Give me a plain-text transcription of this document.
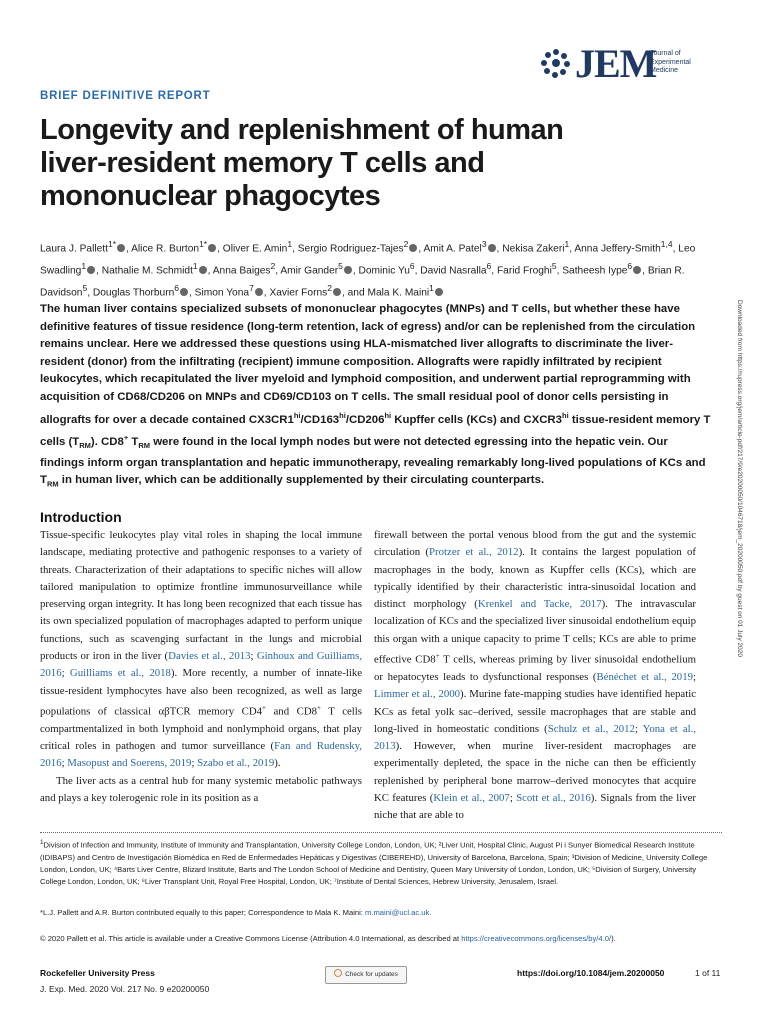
JEM
Journal of
Experimental
Medicine
BRIEF DEFINITIVE REPORT
Longevity and replenishment of human liver-resident memory T cells and mononuclear phagocytes

Laura J. Pallett$^{1*}$ , Alice R. Burton$^{1*}$ , Oliver E. Amin$^1$, Sergio Rodriguez-Tajes$^2$ , Amit A. Patel$^3$ , Nekisa Zakeri$^1$, Anna Jeffery-Smith$^{1,4}$, Leo Swadling$^1$ , Nathalie M. Schmidt$^1$ , Anna Baiges$^2$, Amir Gander$^5$ , Dominic Yu$^6$, David Nasralla$^6$, Farid Froghi$^5$, Satheesh Iype$^6$ , Brian R. Davidson$^5$, Douglas Thorburn$^6$ , Simon Yona$^7$ , Xavier Forns$^2$ , and Mala K. Maini$^1$

The human liver contains specialized subsets of mononuclear phagocytes (MNPs) and T cells, but whether these have definitive features of tissue residence (long-term retention, lack of egress) and/or can be replenished from the circulation remains unclear. Here we addressed these questions using HLA-mismatched liver allografts to discriminate the liver-resident (donor) from the infiltrating (recipient) immune composition. Allografts were rapidly infiltrated by recipient leukocytes, which recapitulated the liver myeloid and lymphoid composition, and underwent partial reprogramming with acquisition of CD68/CD206 on MNPs and CD69/CD103 on T cells. The small residual pool of donor cells persisting in allografts for over a decade contained $CX3CR1^{hi}/CD163^{hi}/CD206^{hi}$ Kupffer cells (KCs) and $CXCR3^{hi}$ tissue-resident memory T cells $(T_{RM})$. CD8+ $T_{RM}$ were found in the local lymph nodes but were not detected egressing into the hepatic vein. Our findings inform organ transplantation and hepatic immunotherapy, revealing remarkably long-lived populations of KCs and $T_{RM}$ in human liver, which can be additionally supplemented by their circulating counterparts.	Downloaded from https://rupress.org/jem/article-pdf/217/9/e20200050/1046718/jem_20200050.pdf by guest on 01 July 2020
Introduction

Tissue-specific leukocytes play vital roles in shaping the local immune landscape, mediating protective and pathogenic responses to a variety of threats. Characterization of their adaptations to specific niches will allow tailored manipulation to optimize frontline immunosurveillance while preserving organ integrity. It has long been recognized that each tissue has its own specialized population of macrophages adapted to perform unique functions, such as scavenging surfactant in the lungs and microbial products or iron in the liver (Davies et al., 2013; Ginhoux and Guilliams, 2016; Guilliams et al., 2018). More recently, a number of innate-like tissue-resident lymphocytes have also been recognized, as well as large populations of classical αβTCR memory CD4+ and CD8+ T cells compartmentalized in both lymphoid and nonlymphoid organs, that play critical roles in pathogen and tumor surveillance (Fan and Rudensky, 2016; Masopust and Soerens, 2019; Szabo et al., 2019).

The liver acts as a central hub for many systemic metabolic pathways and plays a key tolerogenic role in its position as a

firewall between the portal venous blood from the gut and the systemic circulation (Protzer et al., 2012). It contains the largest population of macrophages in the body, known as Kupffer cells (KCs), which are typically identified by their characteristic intra-sinusoidal location and distinct morphology (Krenkel and Tacke, 2017). The intravascular localization of KCs and the specialized liver sinusoidal endothelium equip this organ with a unique capacity to prime T cells; KCs are able to prime effective CD8+ T cells, whereas priming by liver sinusoidal endothelium or hepatocytes leads to dysfunctional responses (Bénéchet et al., 2019; Limmer et al., 2000). Murine fate-mapping studies have identified hepatic KCs as fetal yolk sac–derived, sessile macrophages that are stable and long-lived in homeostatic conditions (Schulz et al., 2012; Yona et al., 2013). However, when murine liver-resident macrophages are experimentally depleted, the space in the niche can then be efficiently replenished by peripheral bone marrow–derived monocytes that acquire KC features (Klein et al., 2007; Scott et al., 2016). Signals from the liver niche that are able to

$^1$Division of Infection and Immunity, Institute of Immunity and Transplantation, University College London, London, UK; ²Liver Unit, Hospital Clinic, August Pi i Sunyer Biomedical Research Institute (IDIBAPS) and Centro de Investigación Biomédica en Red de Enfermedades Hepáticas y Digestivas (CIBEREHD), University of Barcelona, Barcelona, Spain; ³Division of Medicine, University College London, London, UK; ⁴Barts Liver Centre, Blizard Institute, Barts and The London School of Medicine and Dentistry, Queen Mary University of London, London, UK; ⁵Division of Surgery, University College London, London, UK; ⁶Liver Transplant Unit, Royal Free Hospital, London, UK; ⁷Institute of Dental Sciences, Hebrew University, Jerusalem, Israel.

*L.J. Pallett and A.R. Burton contributed equally to this paper; Correspondence to Mala K. Maini: m.maini@ucl.ac.uk.

© 2020 Pallett et al. This article is available under a Creative Commons License (Attribution 4.0 International, as described at https://creativecommons.org/licenses/by/4.0/).

Rockefeller University Press
J. Exp. Med. 2020 Vol. 217 No. 9 e20200050
Check for updates	https://doi.org/10.1084/jem.20200050	1 of 11
